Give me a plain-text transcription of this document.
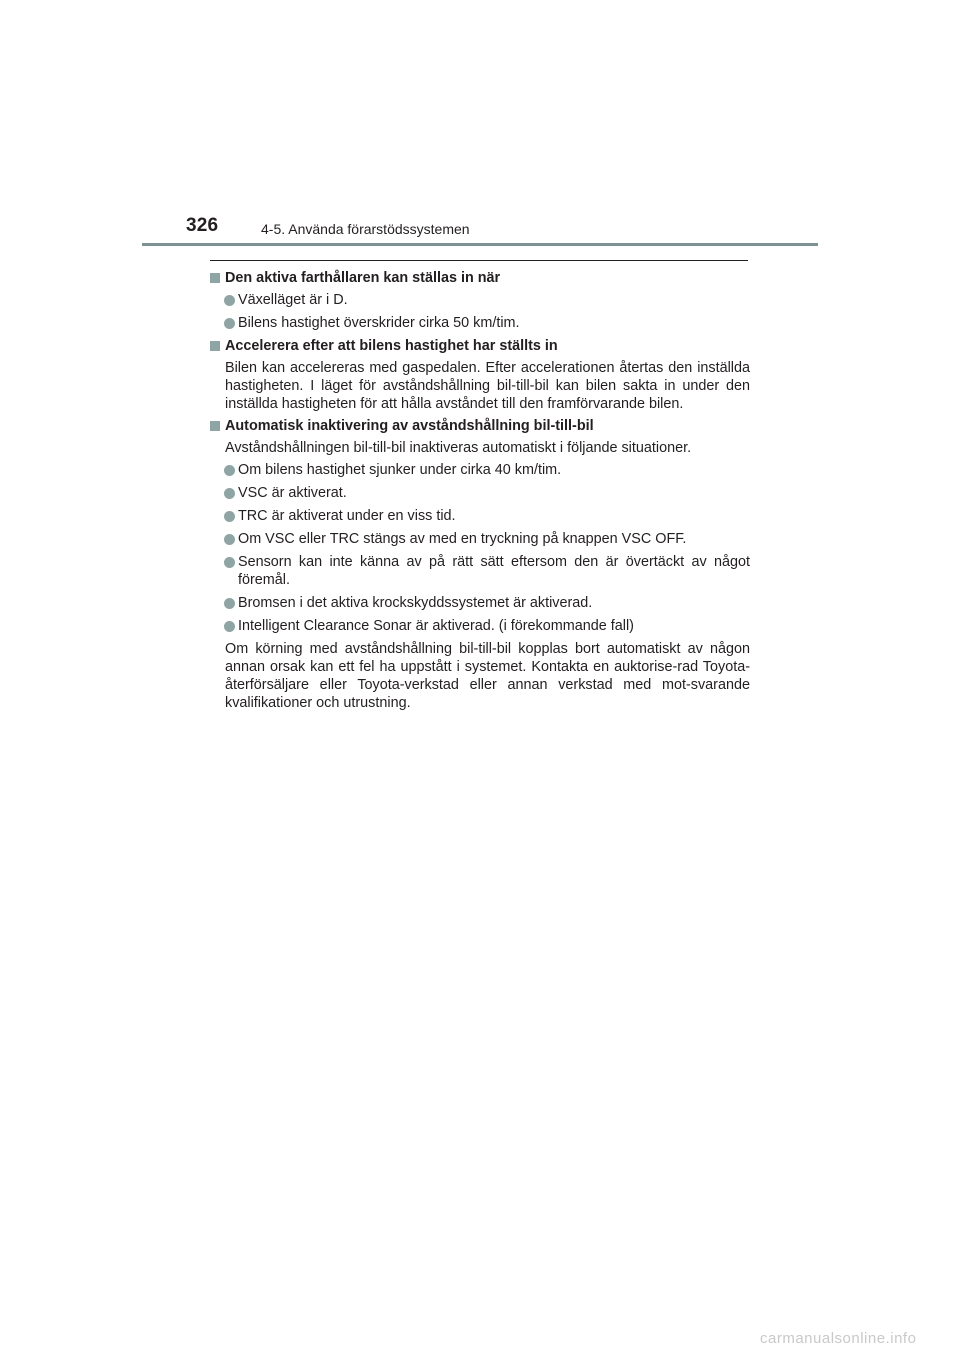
326	4-5. Använda förarstödssystemen
Den aktiva farthållaren kan ställas in när
Växelläget är i D.
Bilens hastighet överskrider cirka 50 km/tim.
Accelerera efter att bilens hastighet har ställts in
Bilen kan accelereras med gaspedalen. Efter accelerationen återtas den inställda hastigheten. I läget för avståndshållning bil-till-bil kan bilen sakta in under den inställda hastigheten för att hålla avståndet till den framförvarande bilen.
Automatisk inaktivering av avståndshållning bil-till-bil
Avståndshållningen bil-till-bil inaktiveras automatiskt i följande situationer.
Om bilens hastighet sjunker under cirka 40 km/tim.
VSC är aktiverat.
TRC är aktiverat under en viss tid.
Om VSC eller TRC stängs av med en tryckning på knappen VSC OFF.
Sensorn kan inte känna av på rätt sätt eftersom den är övertäckt av något föremål.
Bromsen i det aktiva krockskyddssystemet är aktiverad.
Intelligent Clearance Sonar är aktiverad. (i förekommande fall)
Om körning med avståndshållning bil-till-bil kopplas bort automatiskt av någon annan orsak kan ett fel ha uppstått i systemet. Kontakta en auktorise-rad Toyota-återförsäljare eller Toyota-verkstad eller annan verkstad med mot-svarande kvalifikationer och utrustning.
carmanualsonline.info
